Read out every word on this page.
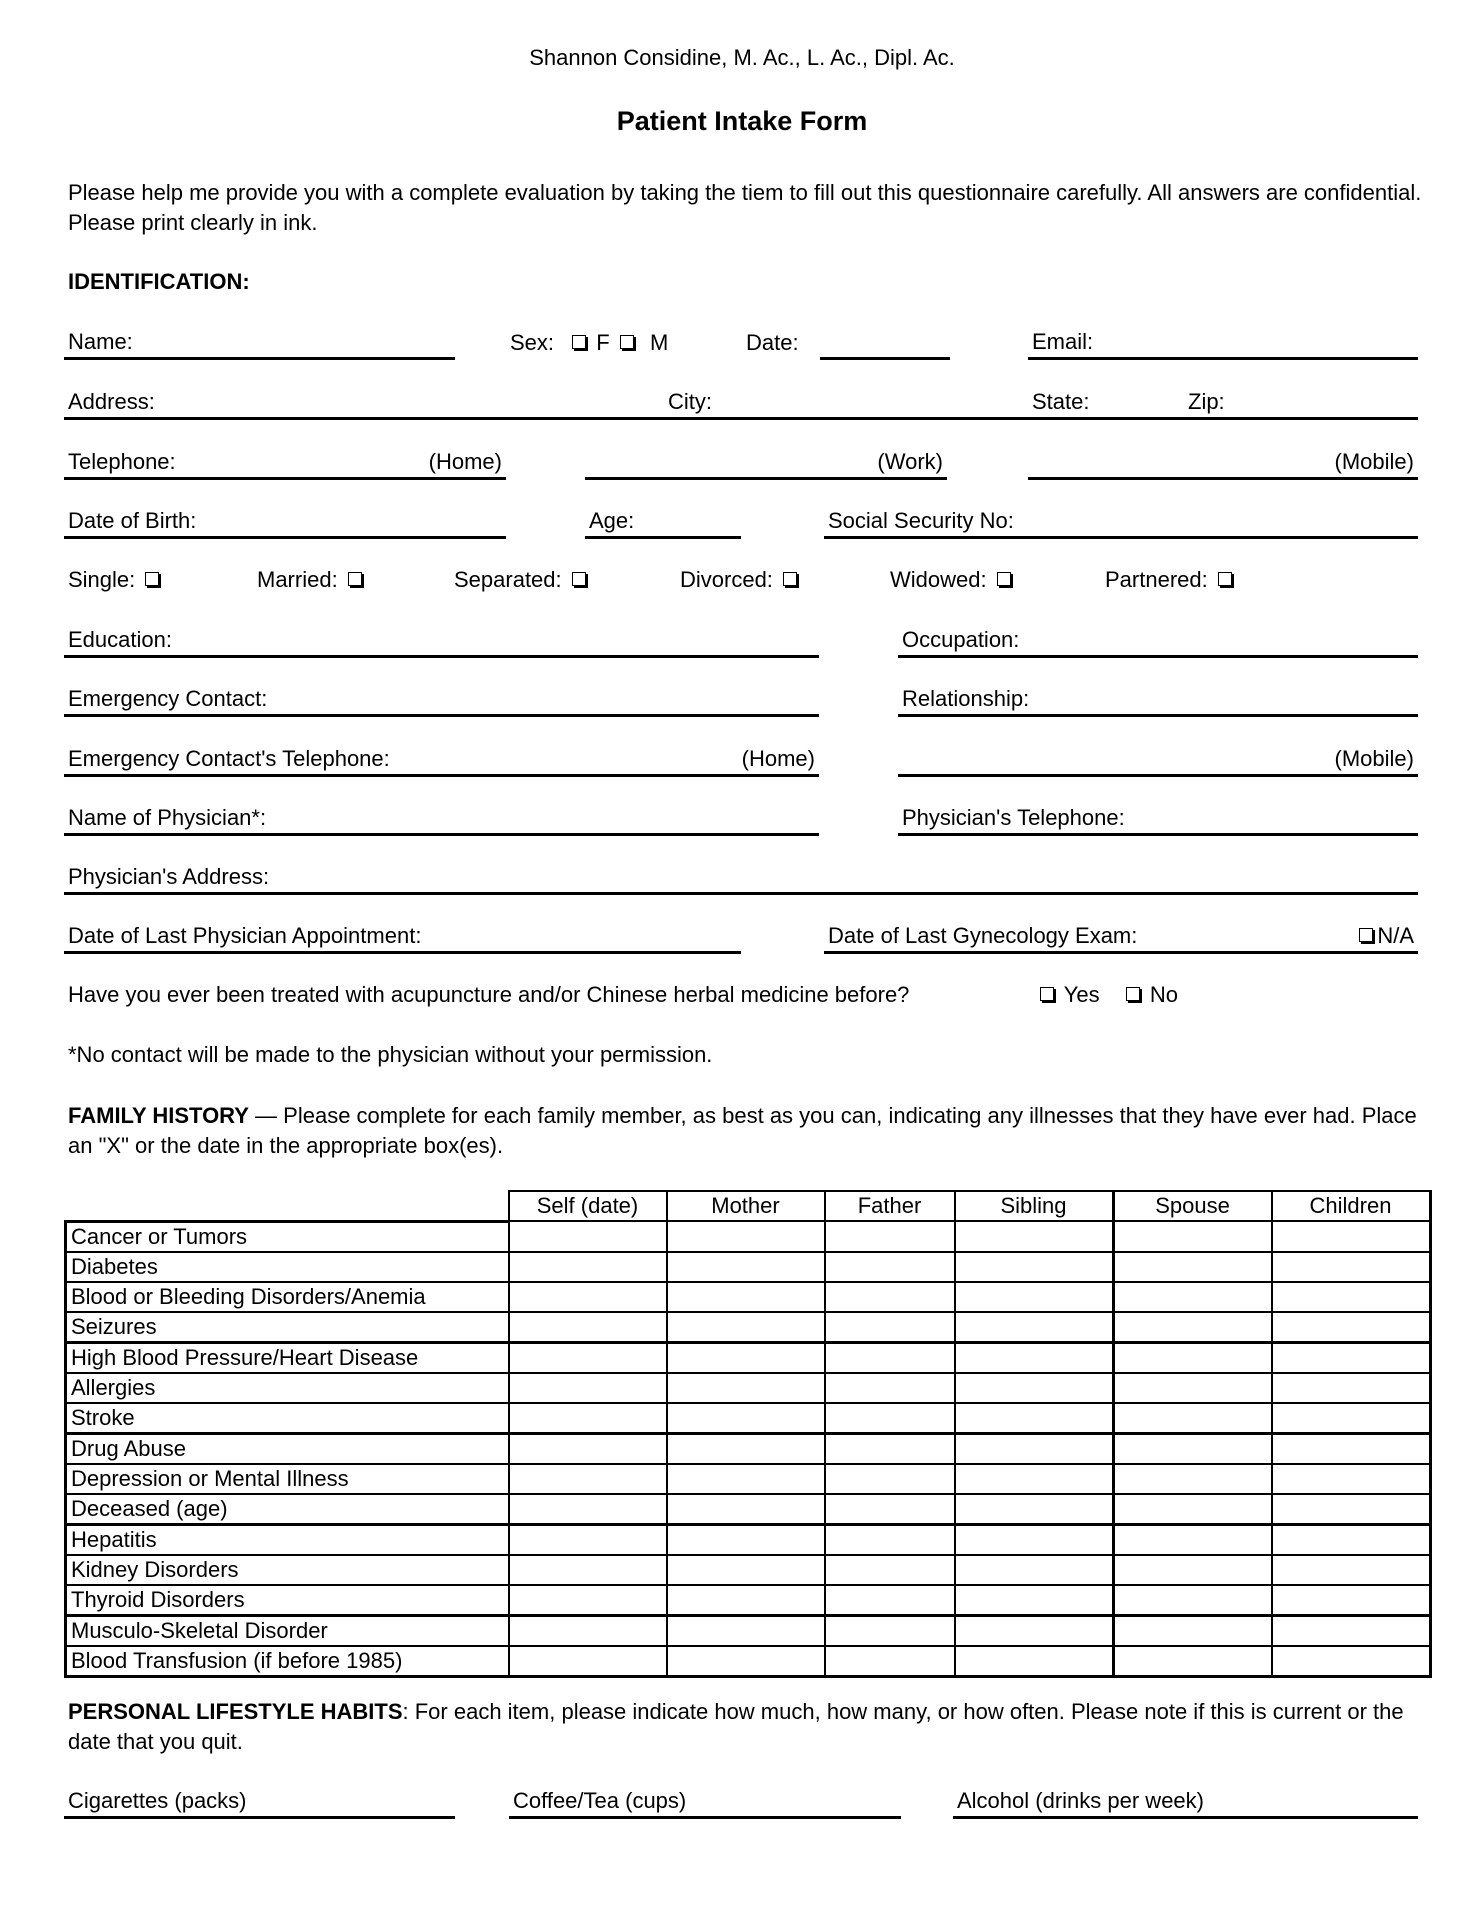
Shannon Considine, M. Ac., L. Ac., Dipl. Ac.
Patient Intake Form
Please help me provide you with a complete evaluation by taking the tiem to fill out this questionnaire carefully. All answers are confidential. Please print clearly in ink.
IDENTIFICATION:
Name:	Sex: F M	Date:	Email:
Address:	City:	State:	Zip:
Telephone:	(Home)	(Work)	(Mobile)
Date of Birth:	Age:	Social Security No:
Single:	Married:	Separated:	Divorced:	Widowed:	Partnered:
Education:	Occupation:
Emergency Contact:	Relationship:
Emergency Contact's Telephone:	(Home)	(Mobile)
Name of Physician*:	Physician's Telephone:
Physician's Address:
Date of Last Physician Appointment:	Date of Last Gynecology Exam:	N/A
Have you ever been treated with acupuncture and/or Chinese herbal medicine before?	Yes No
*No contact will be made to the physician without your permission.
FAMILY HISTORY — Please complete for each family member, as best as you can, indicating any illnesses that they have ever had. Place an "X" or the date in the appropriate box(es).
	Self (date)	Mother	Father	Sibling	Spouse	Children
Cancer or Tumors						
Diabetes						
Blood or Bleeding Disorders/Anemia						
Seizures						
High Blood Pressure/Heart Disease						
Allergies						
Stroke						
Drug Abuse						
Depression or Mental Illness						
Deceased (age)						
Hepatitis						
Kidney Disorders						
Thyroid Disorders						
Musculo-Skeletal Disorder						
Blood Transfusion (if before 1985)						
PERSONAL LIFESTYLE HABITS: For each item, please indicate how much, how many, or how often. Please note if this is current or the date that you quit.
Cigarettes (packs)	Coffee/Tea (cups)	Alcohol (drinks per week)
